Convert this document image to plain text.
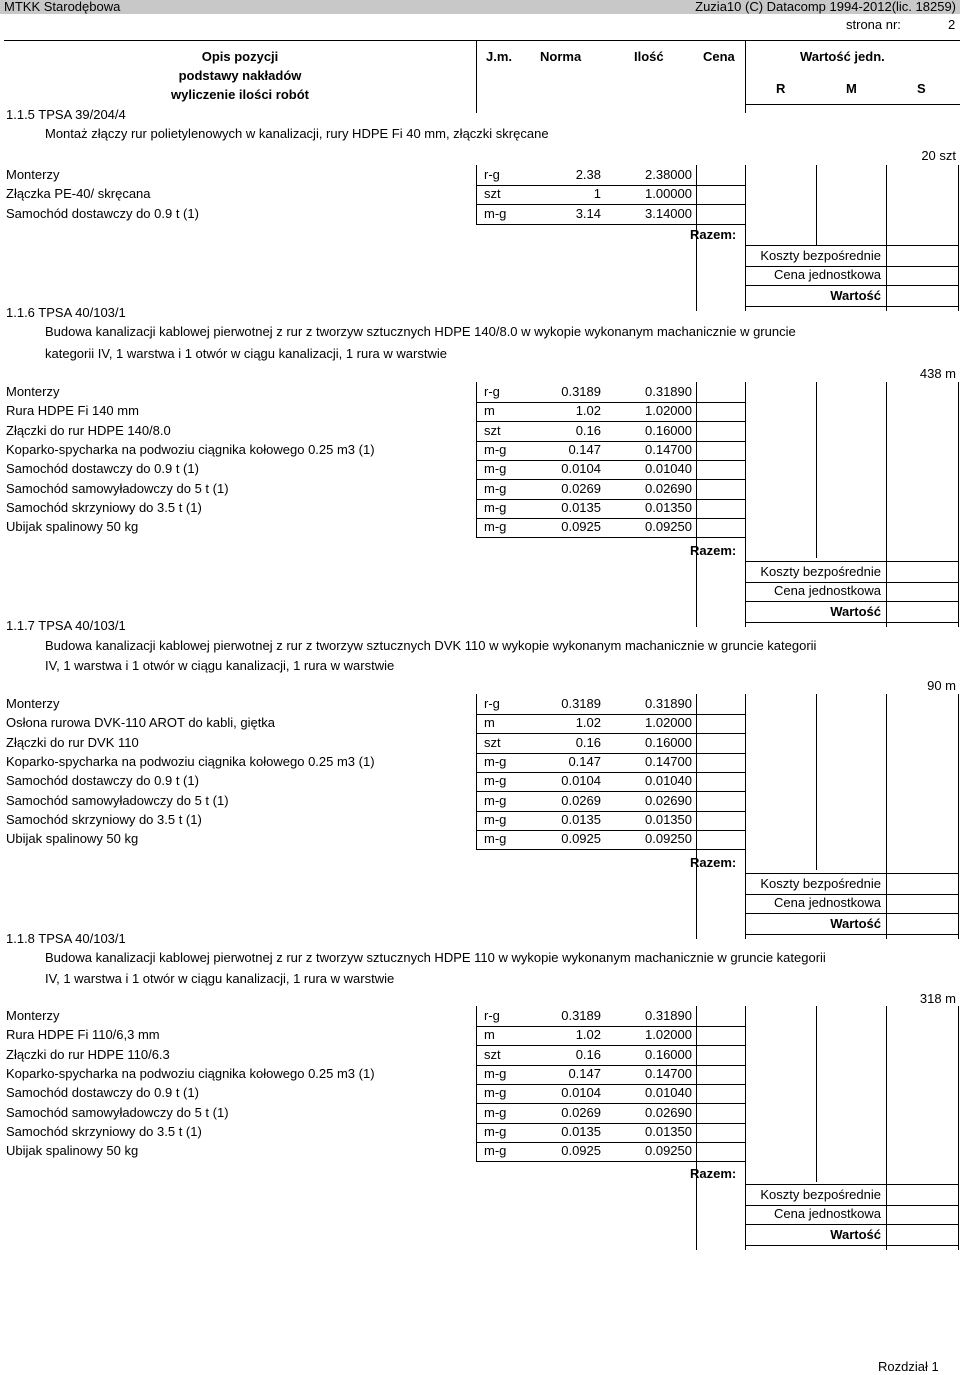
MTKK Starodębowa	Zuzia10 (C) Datacomp 1994-2012(lic. 18259)
strona nr:	2
Opis pozycji
podstawy nakładów
wyliczenie ilości robót
J.m. Norma	Ilość	Cena	Wartość jedn.
R	M	S
1.1.5 TPSA 39/204/4
Montaż złączy rur polietylenowych w kanalizacji, rury HDPE Fi 40 mm, złączki skręcane
20 szt
Monterzy	r-g	2.38	2.38000
Złączka PE-40/ skręcana	szt	1	1.00000
Samochód dostawczy do 0.9 t (1)	m-g	3.14	3.14000
Razem:
Koszty bezpośrednie
Cena jednostkowa
Wartość
1.1.6 TPSA 40/103/1
Budowa kanalizacji kablowej pierwotnej z rur z tworzyw sztucznych HDPE 140/8.0 w wykopie wykonanym machanicznie w gruncie
kategorii IV, 1 warstwa i 1 otwór w ciągu kanalizacji, 1 rura w warstwie
438 m
Monterzy	r-g	0.3189	0.31890
Rura HDPE Fi 140 mm	m	1.02	1.02000
Złączki do rur HDPE 140/8.0	szt	0.16	0.16000
Koparko-spycharka na podwoziu ciągnika kołowego 0.25 m3 (1)	m-g	0.147	0.14700
Samochód dostawczy do 0.9 t (1)	m-g	0.0104	0.01040
Samochód samowyładowczy do 5 t (1)	m-g	0.0269	0.02690
Samochód skrzyniowy do 3.5 t (1)	m-g	0.0135	0.01350
Ubijak spalinowy 50 kg	m-g	0.0925	0.09250
Razem:
Koszty bezpośrednie
Cena jednostkowa
Wartość
1.1.7 TPSA 40/103/1
Budowa kanalizacji kablowej pierwotnej z rur z tworzyw sztucznych DVK 110 w wykopie wykonanym machanicznie w gruncie kategorii
IV, 1 warstwa i 1 otwór w ciągu kanalizacji, 1 rura w warstwie
90 m
Monterzy	r-g	0.3189	0.31890
Osłona rurowa DVK-110 AROT do kabli, giętka	m	1.02	1.02000
Złączki do rur DVK 110	szt	0.16	0.16000
Koparko-spycharka na podwoziu ciągnika kołowego 0.25 m3 (1)	m-g	0.147	0.14700
Samochód dostawczy do 0.9 t (1)	m-g	0.0104	0.01040
Samochód samowyładowczy do 5 t (1)	m-g	0.0269	0.02690
Samochód skrzyniowy do 3.5 t (1)	m-g	0.0135	0.01350
Ubijak spalinowy 50 kg	m-g	0.0925	0.09250
Razem:
Koszty bezpośrednie
Cena jednostkowa
Wartość
1.1.8 TPSA 40/103/1
Budowa kanalizacji kablowej pierwotnej z rur z tworzyw sztucznych HDPE 110 w wykopie wykonanym machanicznie w gruncie kategorii
IV, 1 warstwa i 1 otwór w ciągu kanalizacji, 1 rura w warstwie
318 m
Monterzy	r-g	0.3189	0.31890
Rura HDPE Fi 110/6,3 mm	m	1.02	1.02000
Złączki do rur HDPE 110/6.3	szt	0.16	0.16000
Koparko-spycharka na podwoziu ciągnika kołowego 0.25 m3 (1)	m-g	0.147	0.14700
Samochód dostawczy do 0.9 t (1)	m-g	0.0104	0.01040
Samochód samowyładowczy do 5 t (1)	m-g	0.0269	0.02690
Samochód skrzyniowy do 3.5 t (1)	m-g	0.0135	0.01350
Ubijak spalinowy 50 kg	m-g	0.0925	0.09250
Razem:
Koszty bezpośrednie
Cena jednostkowa
Wartość
Rozdział 1
